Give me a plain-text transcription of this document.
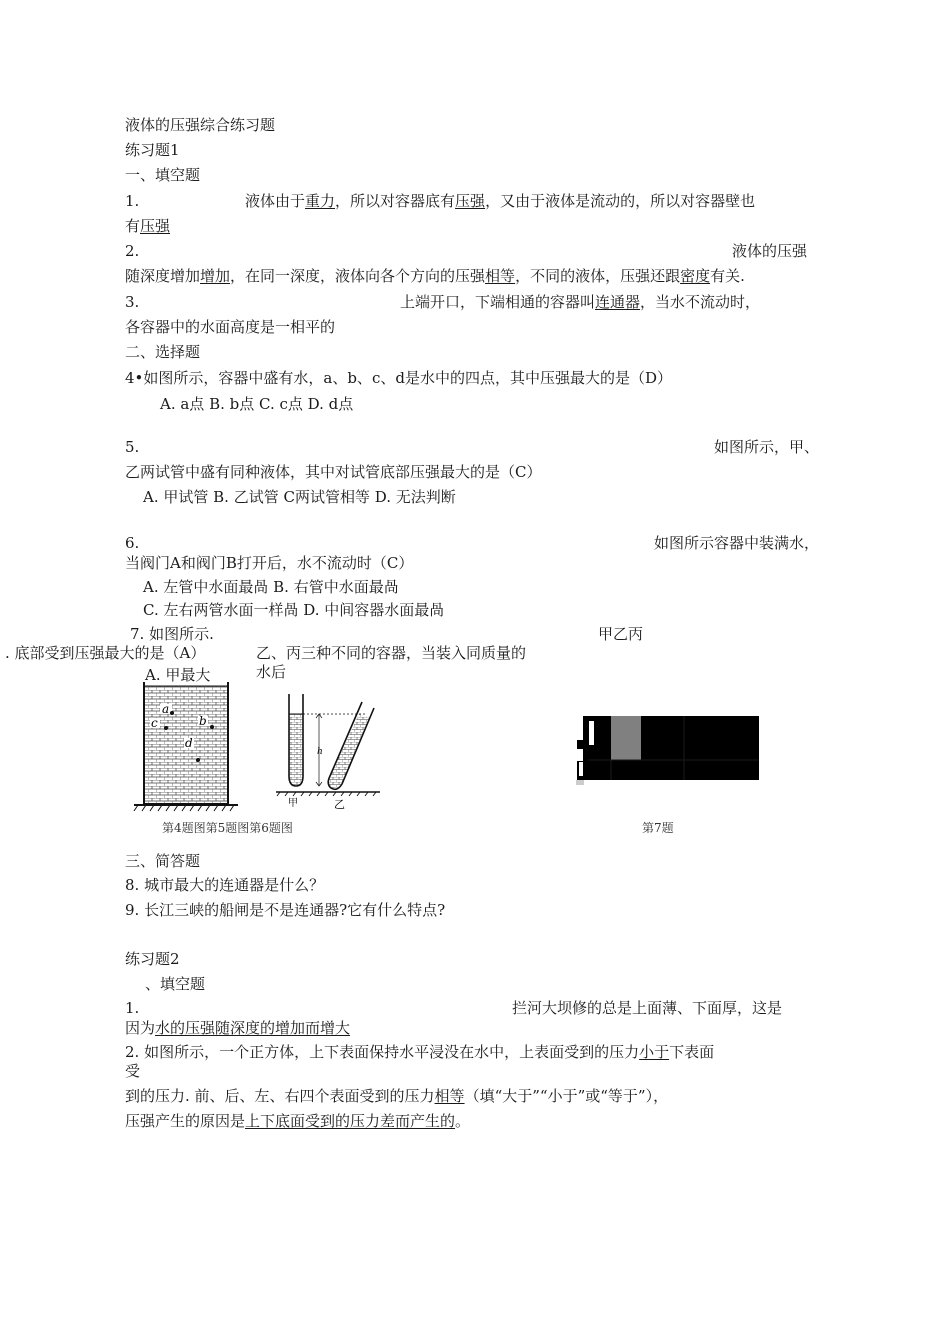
液体的压强综合练习题
练习题1
一、填空题
1.	液体由于重力，所以对容器底有压强，又由于液体是流动的，所以对容器壁也
有压强
2.	液体的压强
随深度增加增加，在同一深度，液体向各个方向的压强相等，不同的液体，压强还跟密度有关.
3.	上端开口，下端相通的容器叫连通器，当水不流动时，
各容器中的水面高度是一相平的
二、选择题
4•如图所示，容器中盛有水，a、b、c、d是水中的四点，其中压强最大的是（D）
A. a点 B. b点 C. c点 D. d点
5.	如图所示，甲、
乙两试管中盛有同种液体，其中对试管底部压强最大的是（C）
A. 甲试管 B. 乙试管 C两试管相等 D. 无法判断
6.	如图所示容器中装满水，
当阀门A和阀门B打开后，水不流动时（C）
A. 左管中水面最咼 B. 右管中水面最咼
C. 左右两管水面一样咼 D. 中间容器水面最咼
7. 如图所示.	甲乙丙
. 底部受到压强最大的是（A）	乙、丙三种不同的容器，当装入同质量的
A. 甲最大	水后
a
b
c
d
h
甲	乙
第4题图第5题图第6题图	第7题
三、简答题
8. 城市最大的连通器是什么？
9. 长江三峡的船闸是不是连通器?它有什么特点?
练习题2
、填空题
1.	拦河大坝修的总是上面薄、下面厚，这是
因为水的压强随深度的增加而增大
2. 如图所示，一个正方体，上下表面保持水平浸没在水中，上表面受到的压力小于下表面
受
到的压力. 前、后、左、右四个表面受到的压力相等（填“大于”“小于”或“等于”），
压强产生的原因是上下底面受到的压力差而产生的。
